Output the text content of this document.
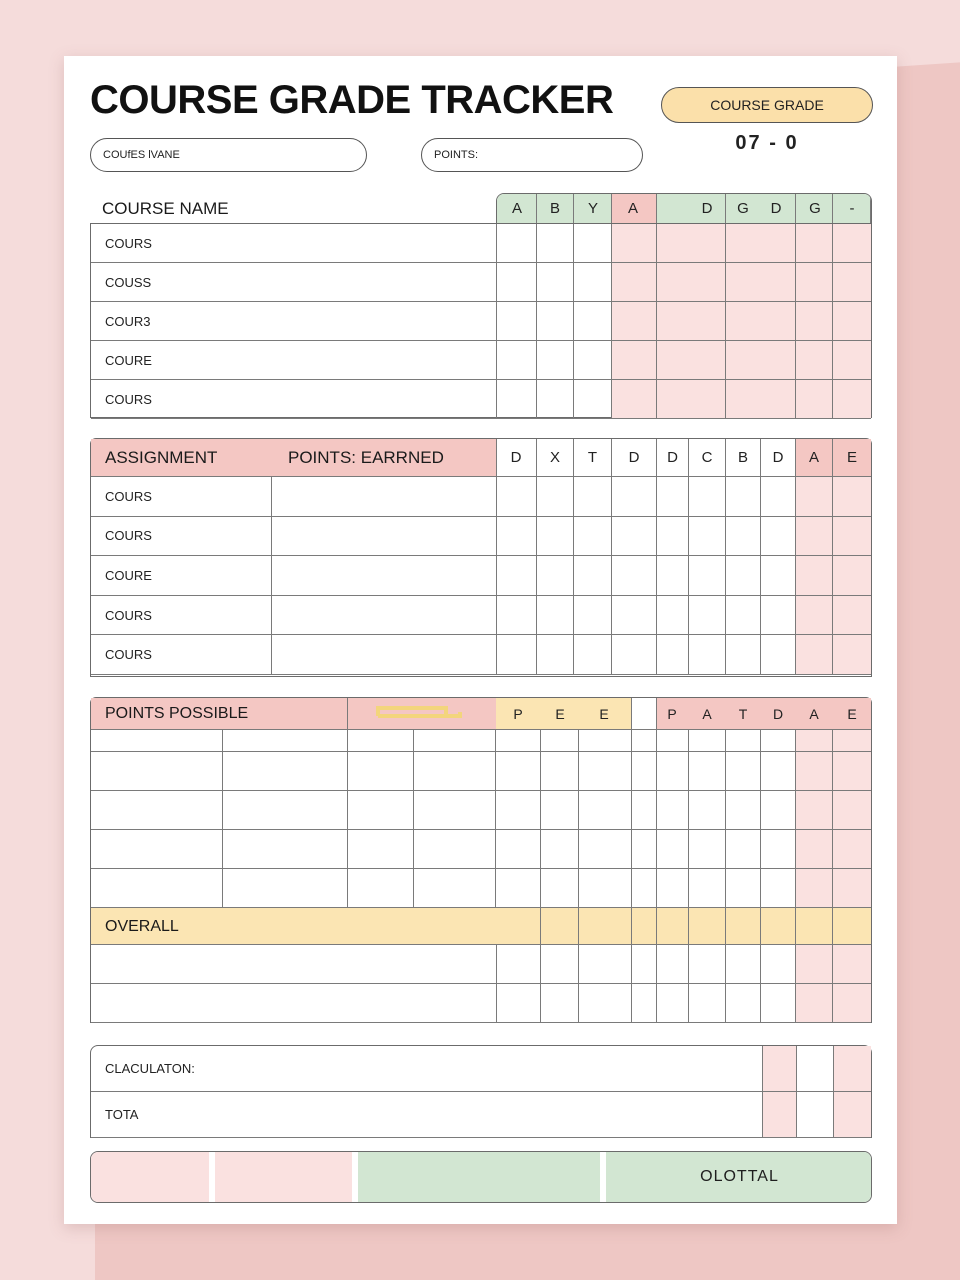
COURSE GRADE TRACKER
COUfES lVANE	POINTS:
COURSE GRADE
07 - 0
COURSE NAME	A	B	Y	A	D	G	D	G	-
COURS
COUSS
COUR3
COURE
COURS
ASSIGNMENT	POINTS: EARRNED	D	X	T	D	D	C	B	D	A	E
COURS
COURS
COURE
COURS
COURS
POINTS POSSIBLE	P	E	E	P	A	T	D	A	E
OVERALL
CLACULATON:
TOTA
OLOTTAL
